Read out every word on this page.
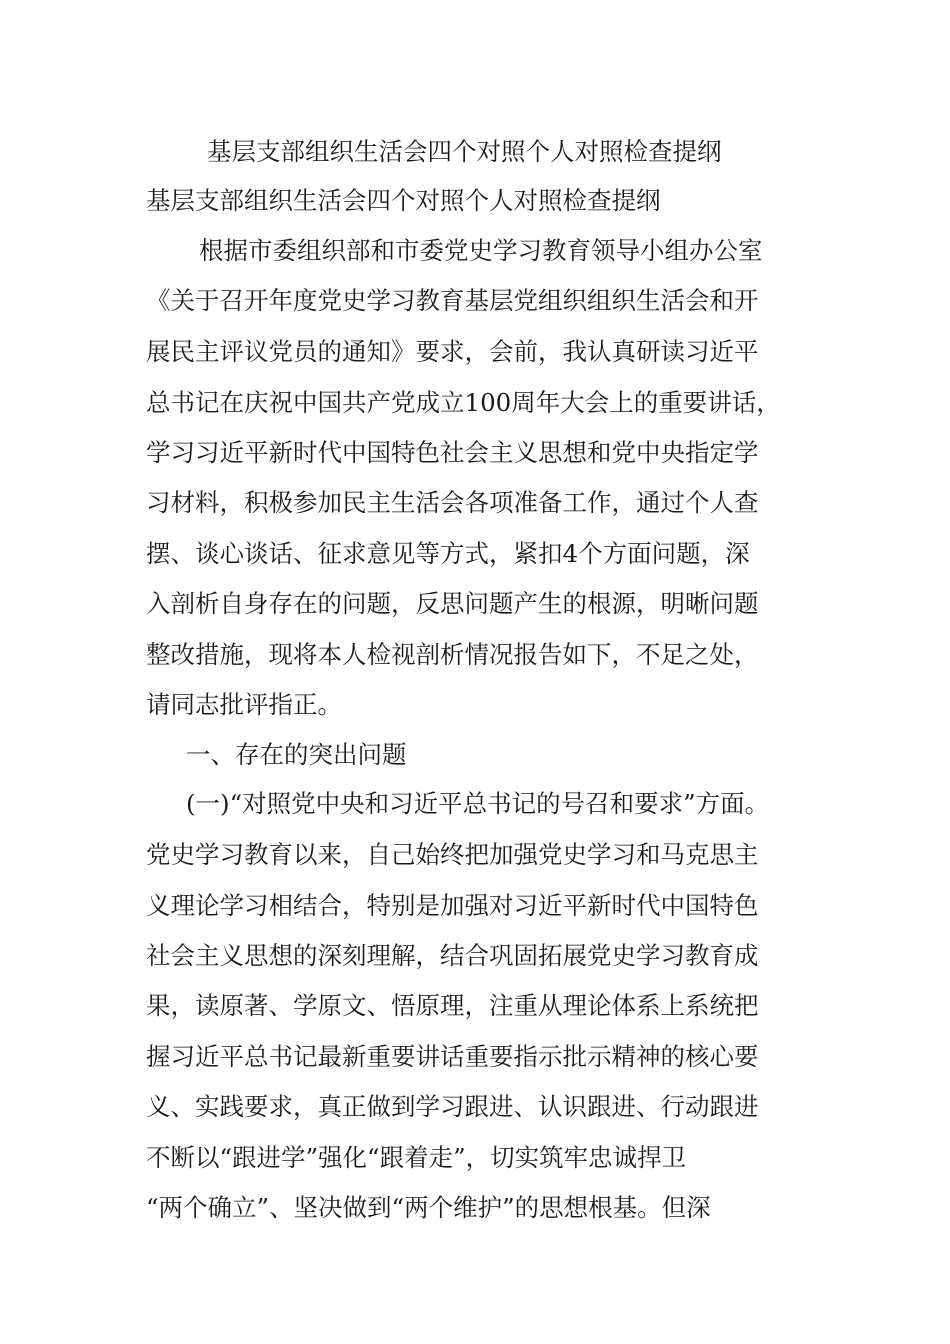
基层支部组织生活会四个对照个人对照检查提纲
基层支部组织生活会四个对照个人对照检查提纲
根据市委组织部和市委党史学习教育领导小组办公室
《关于召开年度党史学习教育基层党组织组织生活会和开
展民主评议党员的通知》要求，会前，我认真研读习近平
总书记在庆祝中国共产党成立100周年大会上的重要讲话，
学习习近平新时代中国特色社会主义思想和党中央指定学
习材料，积极参加民主生活会各项准备工作，通过个人查
摆、谈心谈话、征求意见等方式，紧扣4个方面问题，深
入剖析自身存在的问题，反思问题产生的根源，明晰问题
整改措施，现将本人检视剖析情况报告如下，不足之处，
请同志批评指正。
一、存在的突出问题
(一)“对照党中央和习近平总书记的号召和要求”方面。
党史学习教育以来，自己始终把加强党史学习和马克思主
义理论学习相结合，特别是加强对习近平新时代中国特色
社会主义思想的深刻理解，结合巩固拓展党史学习教育成
果，读原著、学原文、悟原理，注重从理论体系上系统把
握习近平总书记最新重要讲话重要指示批示精神的核心要
义、实践要求，真正做到学习跟进、认识跟进、行动跟进
不断以“跟进学”强化“跟着走”，切实筑牢忠诚捍卫
“两个确立”、坚决做到“两个维护”的思想根基。但深
